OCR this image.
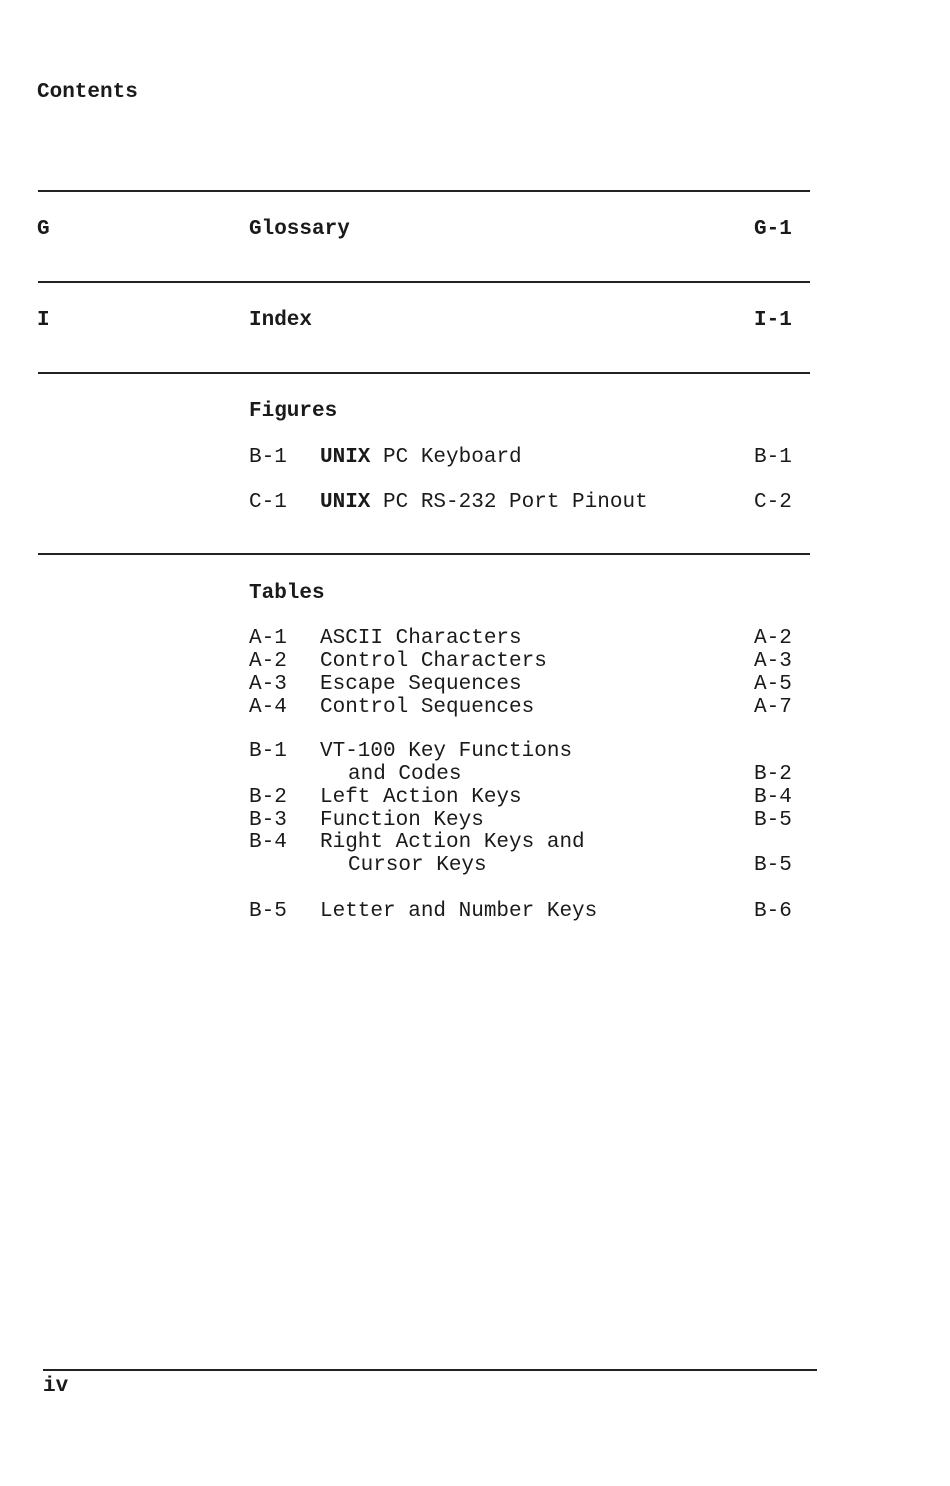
Contents
G	Glossary	G-1
I	Index	I-1
Figures
B-1 UNIX PC Keyboard	B-1
C-1 UNIX PC RS-232 Port Pinout	C-2
Tables
A-1 ASCII Characters	A-2
A-2 Control Characters	A-3
A-3 Escape Sequences	A-5
A-4 Control Sequences	A-7
B-1 VT-100 Key Functions
and Codes	B-2
B-2 Left Action Keys	B-4
B-3 Function Keys	B-5
B-4 Right Action Keys and
Cursor Keys	B-5
B-5 Letter and Number Keys	B-6
iv
